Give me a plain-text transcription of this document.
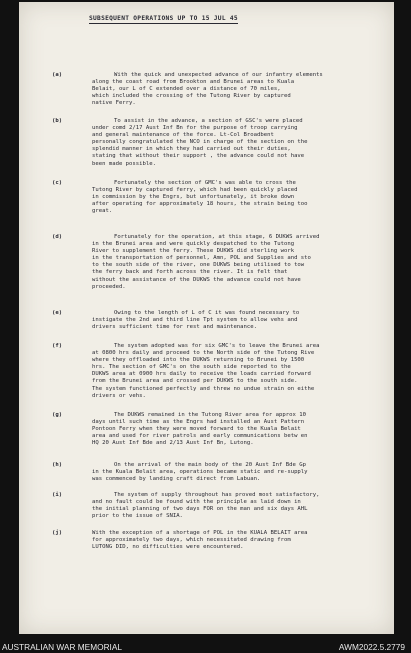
SUBSEQUENT OPERATIONS UP TO 15 JUL 45
(a)	With the quick and unexpected advance of our infantry elements
along the coast road from Brookton and Brunei areas to Kuala
Belait, our L of C extended over a distance of 70 miles,
which included the crossing of the Tutong River by captured
native Ferry.
(b)	To assist in the advance, a section of GSC's were placed
under comd 2/17 Aust Inf Bn for the purpose of troop carrying
and general maintenance of the force. Lt-Col Broadbent
personally congratulated the NCO in charge of the section on the
splendid manner in which they had carried out their duties,
stating that without their support , the advance could not have
been made possible.
(c)	Fortunately the section of GMC's was able to cross the
Tutong River by captured ferry, which had been quickly placed
in commission by the Engrs, but unfortunately, it broke down
after operating for approximately 18 hours, the strain being too
great.
(d)	Fortunately for the operation, at this stage, 6 DUKWS arrived
in the Brunei area and were quickly despatched to the Tutong
River to supplement the ferry. These DUKWS did sterling work
in the transportation of personnel, Amn, POL and Supplies and sto
to the south side of the river, one DUKWS being utilised to tow
the ferry back and forth across the river. It is felt that
without the assistance of the DUKWS the advance could not have
proceeded.
(e)	Owing to the length of L of C it was found necessary to
instigate the 2nd and third line Tpt system to allow vehs and
drivers sufficient time for rest and maintenance.
(f)	The system adopted was for six GMC's to leave the Brunei area
at 0800 hrs daily and proceed to the North side of the Tutong Rive
where they offloaded into the DUKWS returning to Brunei by 1500
hrs. The section of GMC's on the south side reported to the
DUKWS area at 0900 hrs daily to receive the loads carried forward
from the Brunei area and crossed per DUKWS to the south side.
The system functioned perfectly and threw no undue strain on eithe
drivers or vehs.
(g)	The DUKWS remained in the Tutong River area for approx 10
days until such time as the Engrs had installed an Aust Pattern
Pontoon Ferry when they were moved forward to the Kuala Belait
area and used for river patrols and early communications betw en
HQ 20 Aust Inf Bde and 2/13 Aust Inf Bn, Lutong.
(h)	On the arrival of the main body of the 20 Aust Inf Bde Gp
in the Kuala Belait area, operations became static and re-supply
was commenced by landing craft direct from Labuan.
(i)	The system of supply throughout has proved most satisfactory,
and no fault could be found with the principle as laid down in
the initial planning of two days FOR on the man and six days AHL
prior to the issue of SNIA.
(j)	With the exception of a shortage of POL in the KUALA BELAIT area
for approximately two days, which necessitated drawing from
LUTONG DID, no difficulties were encountered.
AUSTRALIAN WAR MEMORIAL	AWM2022.5.2779
